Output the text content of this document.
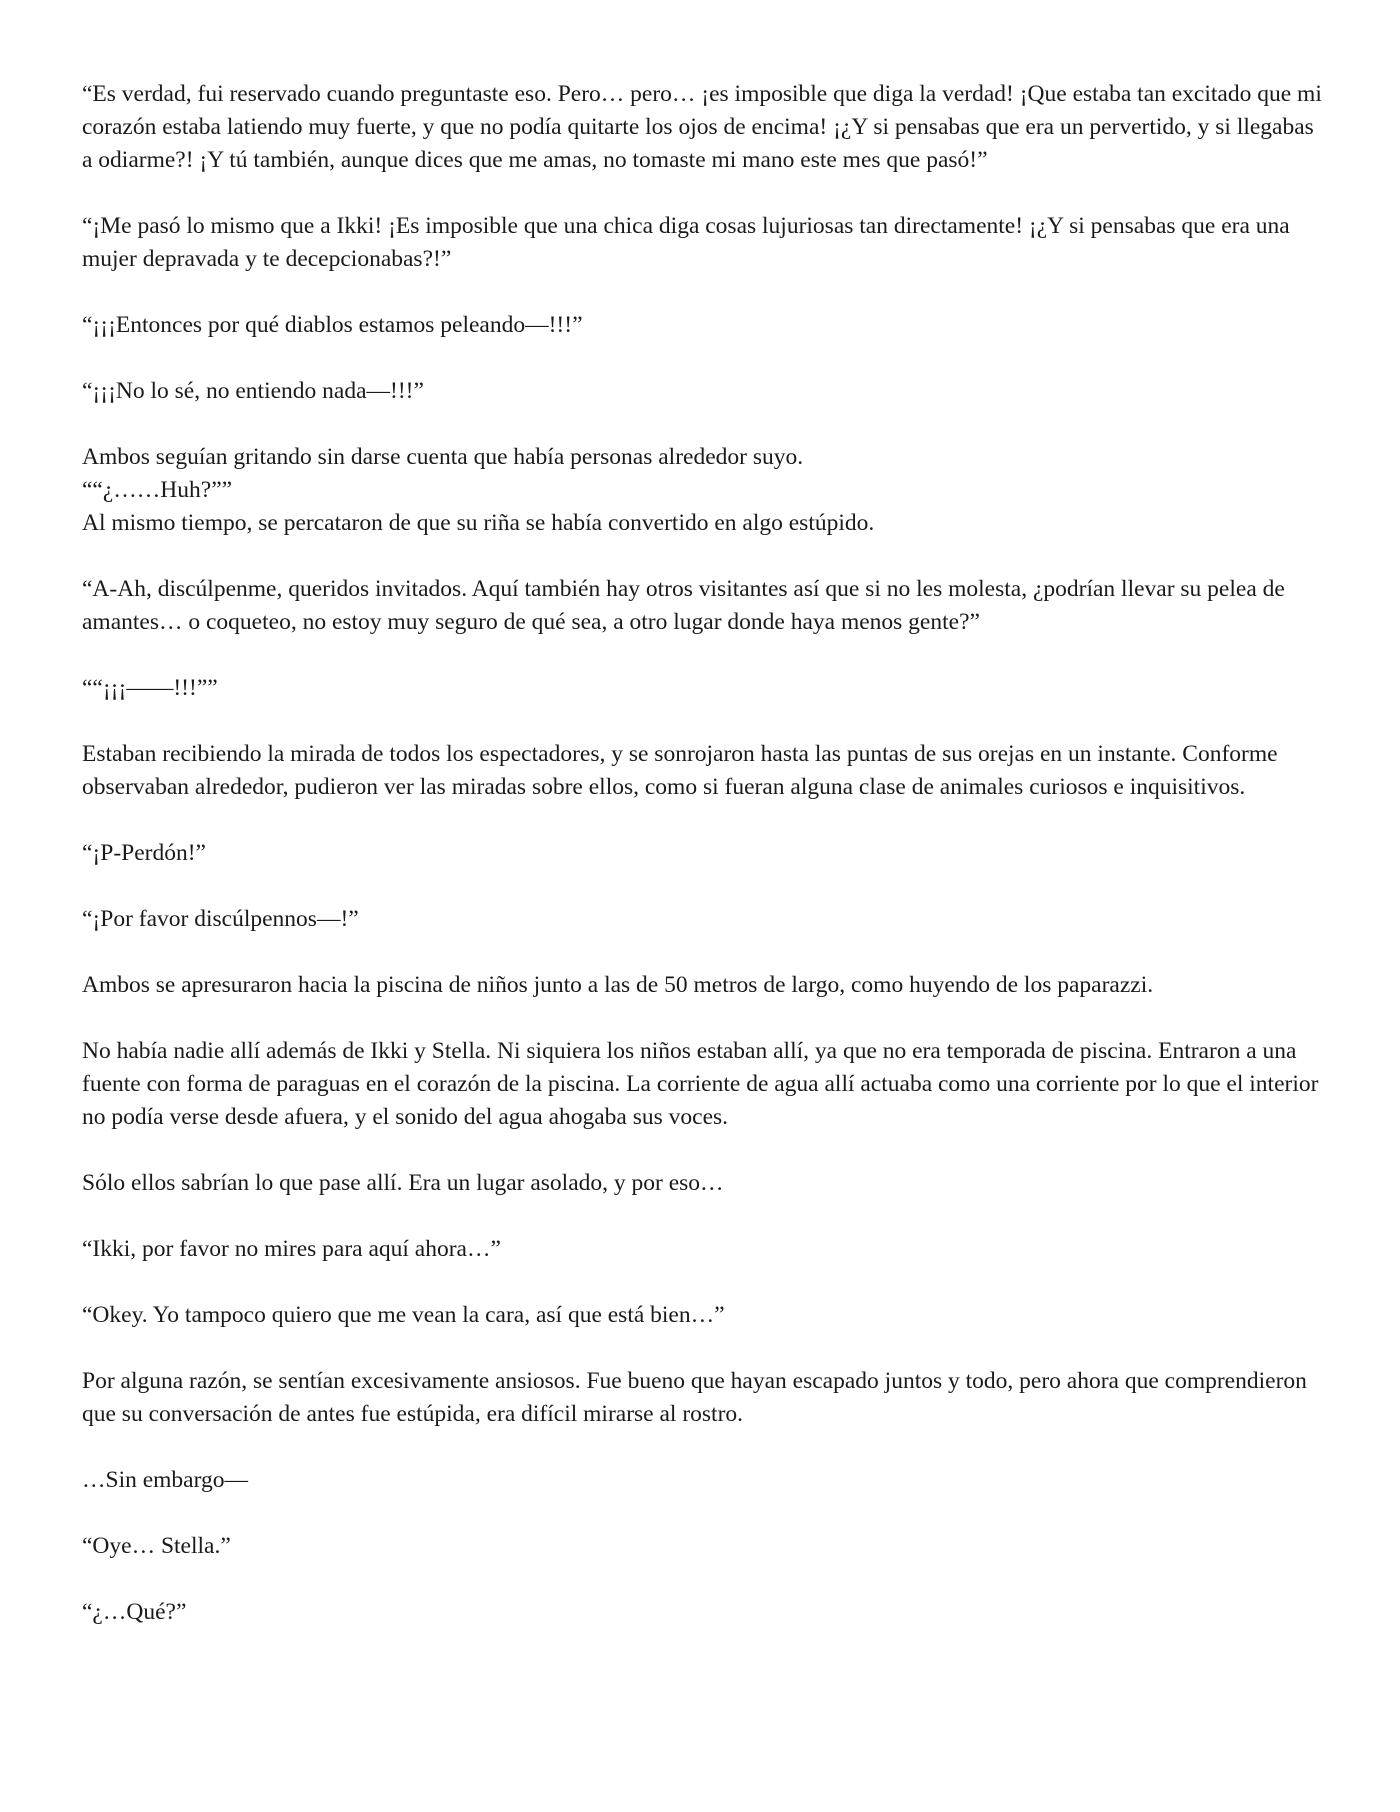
“Es verdad, fui reservado cuando preguntaste eso. Pero… pero… ¡es imposible que diga la verdad! ¡Que estaba tan excitado que mi corazón estaba latiendo muy fuerte, y que no podía quitarte los ojos de encima! ¡¿Y si pensabas que era un pervertido, y si llegabas a odiarme?! ¡Y tú también, aunque dices que me amas, no tomaste mi mano este mes que pasó!”

“¡Me pasó lo mismo que a Ikki! ¡Es imposible que una chica diga cosas lujuriosas tan directamente! ¡¿Y si pensabas que era una mujer depravada y te decepcionabas?!”

“¡¡¡Entonces por qué diablos estamos peleando—!!!”

“¡¡¡No lo sé, no entiendo nada—!!!”

Ambos seguían gritando sin darse cuenta que había personas alrededor suyo.

““¿……Huh?””

Al mismo tiempo, se percataron de que su riña se había convertido en algo estúpido.

“A-Ah, discúlpenme, queridos invitados. Aquí también hay otros visitantes así que si no les molesta, ¿podrían llevar su pelea de amantes… o coqueteo, no estoy muy seguro de qué sea, a otro lugar donde haya menos gente?”

““¡¡¡——!!!””

Estaban recibiendo la mirada de todos los espectadores, y se sonrojaron hasta las puntas de sus orejas en un instante. Conforme observaban alrededor, pudieron ver las miradas sobre ellos, como si fueran alguna clase de animales curiosos e inquisitivos.

“¡P-Perdón!”

“¡Por favor discúlpennos—!”

Ambos se apresuraron hacia la piscina de niños junto a las de 50 metros de largo, como huyendo de los paparazzi.

No había nadie allí además de Ikki y Stella. Ni siquiera los niños estaban allí, ya que no era temporada de piscina. Entraron a una fuente con forma de paraguas en el corazón de la piscina. La corriente de agua allí actuaba como una corriente por lo que el interior no podía verse desde afuera, y el sonido del agua ahogaba sus voces.

Sólo ellos sabrían lo que pase allí. Era un lugar asolado, y por eso…

“Ikki, por favor no mires para aquí ahora…”

“Okey. Yo tampoco quiero que me vean la cara, así que está bien…”

Por alguna razón, se sentían excesivamente ansiosos. Fue bueno que hayan escapado juntos y todo, pero ahora que comprendieron que su conversación de antes fue estúpida, era difícil mirarse al rostro.

…Sin embargo—

“Oye… Stella.”

“¿…Qué?”
